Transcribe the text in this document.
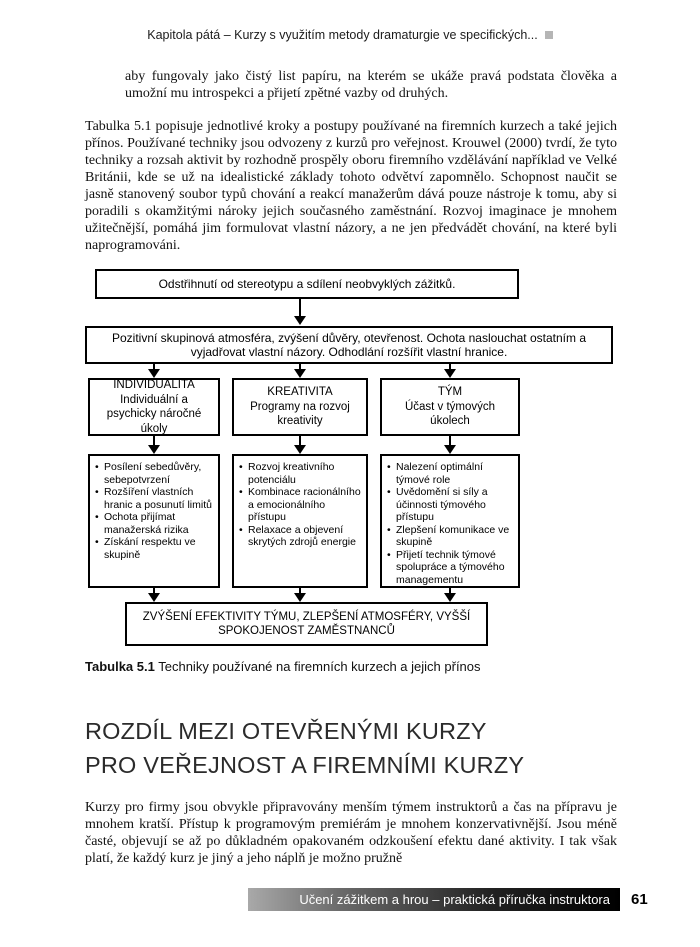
Kapitola pátá – Kurzy s využitím metody dramaturgie ve specifických...

aby fungovaly jako čistý list papíru, na kterém se ukáže pravá podstata člověka a umožní mu introspekci a přijetí zpětné vazby od druhých.

Tabulka 5.1 popisuje jednotlivé kroky a postupy používané na firemních kurzech a také jejich přínos. Používané techniky jsou odvozeny z kurzů pro veřejnost. Krouwel (2000) tvrdí, že tyto techniky a rozsah aktivit by rozhodně prospěly oboru firemního vzdělávání například ve Velké Británii, kde se už na idealistické základy tohoto odvětví zapomnělo. Schopnost naučit se jasně stanovený soubor typů chování a reakcí manažerům dává pouze nástroje k tomu, aby si poradili s okamžitými nároky jejich současného zaměstnání. Rozvoj imaginace je mnohem užitečnější, pomáhá jim formulovat vlastní názory, a ne jen předvádět chování, na které byli naprogramováni.

Odstřihnutí od stereotypu a sdílení neobvyklých zážitků.
Pozitivní skupinová atmosféra, zvýšení důvěry, otevřenost. Ochota naslouchat ostatním a vyjadřovat vlastní názory. Odhodlání rozšířit vlastní hranice.
INDIVIDUALITA
Individuální a psychicky náročné úkoly
KREATIVITA
Programy na rozvoj kreativity
TÝM
Účast v týmových úkolech
• Posílení sebedůvěry, sebepotvrzení
• Rozšíření vlastních hranic a posunutí limitů
• Ochota přijímat manažerská rizika
• Získání respektu ve skupině
• Rozvoj kreativního potenciálu
• Kombinace racionálního a emocionálního přístupu
• Relaxace a objevení skrytých zdrojů energie
• Nalezení optimální týmové role
• Uvědomění si síly a účinnosti týmového přístupu
• Zlepšení komunikace ve skupině
• Přijetí technik týmové spolupráce a týmového managementu
ZVÝŠENÍ EFEKTIVITY TÝMU, ZLEPŠENÍ ATMOSFÉRY, VYŠŠÍ SPOKOJENOST ZAMĚSTNANCŮ
Tabulka 5.1 Techniky používané na firemních kurzech a jejich přínos
ROZDÍL MEZI OTEVŘENÝMI KURZY
PRO VEŘEJNOST A FIREMNÍMI KURZY

Kurzy pro firmy jsou obvykle připravovány menším týmem instruktorů a čas na přípravu je mnohem kratší. Přístup k programovým premiérám je mnohem konzervativnější. Jsou méně časté, objevují se až po důkladném opakovaném odzkoušení efektu dané aktivity. I tak však platí, že každý kurz je jiný a jeho náplň je možno pružně

Učení zážitkem a hrou – praktická příručka instruktora	61
